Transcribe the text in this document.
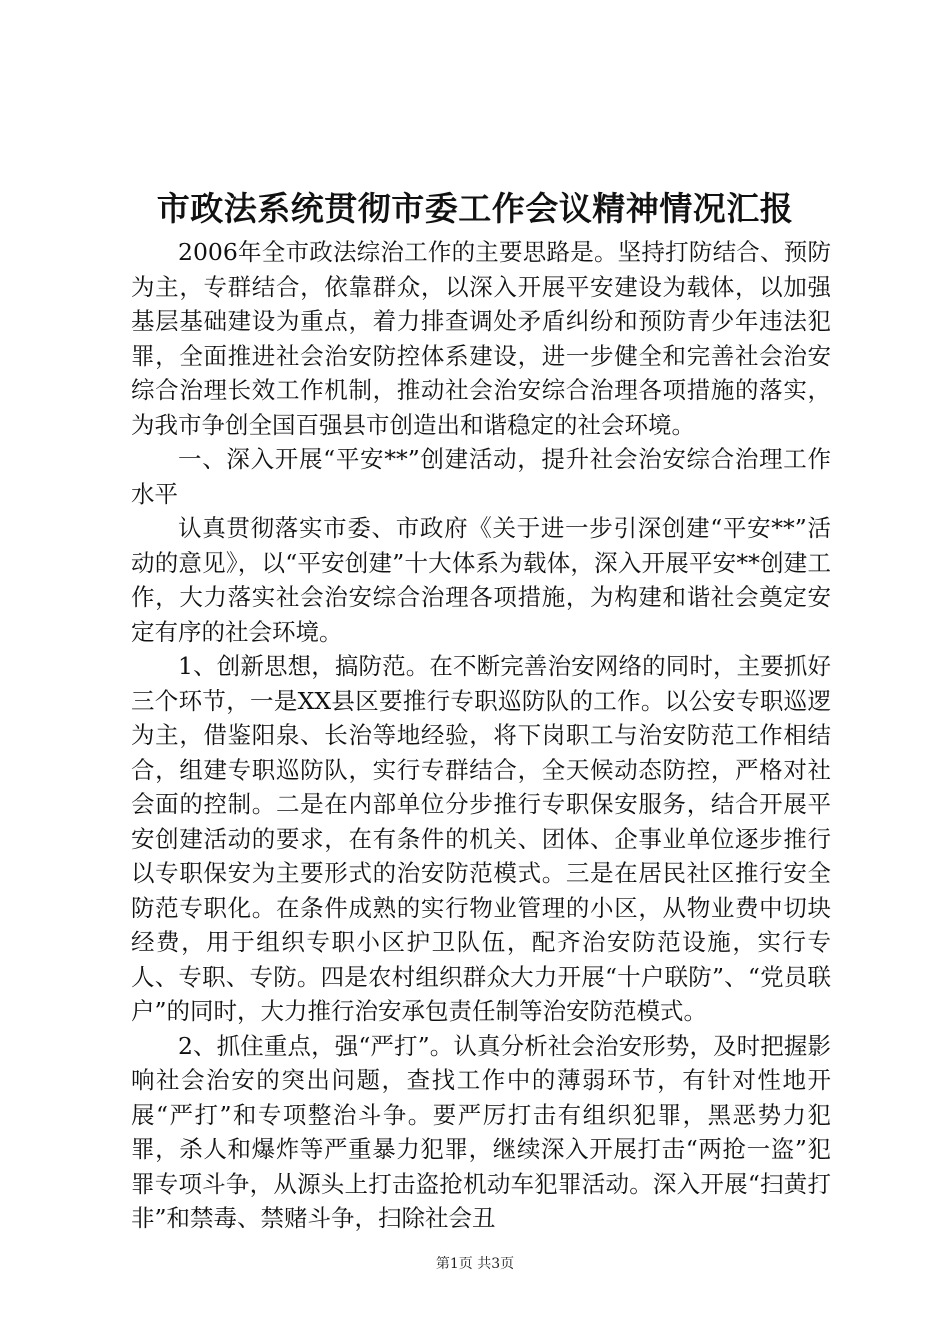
市政法系统贯彻市委工作会议精神情况汇报

2006年全市政法综治工作的主要思路是。坚持打防结合、预防为主，专群结合，依靠群众，以深入开展平安建设为载体，以加强基层基础建设为重点，着力排查调处矛盾纠纷和预防青少年违法犯罪，全面推进社会治安防控体系建设，进一步健全和完善社会治安综合治理长效工作机制，推动社会治安综合治理各项措施的落实，为我市争创全国百强县市创造出和谐稳定的社会环境。

一、深入开展“平安**”创建活动，提升社会治安综合治理工作水平

认真贯彻落实市委、市政府《关于进一步引深创建“平安**”活动的意见》，以“平安创建”十大体系为载体，深入开展平安**创建工作，大力落实社会治安综合治理各项措施，为构建和谐社会奠定安定有序的社会环境。

1、创新思想，搞防范。在不断完善治安网络的同时，主要抓好三个环节，一是XX县区要推行专职巡防队的工作。以公安专职巡逻为主，借鉴阳泉、长治等地经验，将下岗职工与治安防范工作相结合，组建专职巡防队，实行专群结合，全天候动态防控，严格对社会面的控制。二是在内部单位分步推行专职保安服务，结合开展平安创建活动的要求，在有条件的机关、团体、企事业单位逐步推行以专职保安为主要形式的治安防范模式。三是在居民社区推行安全防范专职化。在条件成熟的实行物业管理的小区，从物业费中切块经费，用于组织专职小区护卫队伍，配齐治安防范设施，实行专人、专职、专防。四是农村组织群众大力开展“十户联防”、“党员联户”的同时，大力推行治安承包责任制等治安防范模式。

2、抓住重点，强“严打”。认真分析社会治安形势，及时把握影响社会治安的突出问题，查找工作中的薄弱环节，有针对性地开展“严打”和专项整治斗争。要严厉打击有组织犯罪，黑恶势力犯罪，杀人和爆炸等严重暴力犯罪，继续深入开展打击“两抢一盗”犯罪专项斗争，从源头上打击盗抢机动车犯罪活动。深入开展“扫黄打非”和禁毒、禁赌斗争，扫除社会丑

第1页 共3页
